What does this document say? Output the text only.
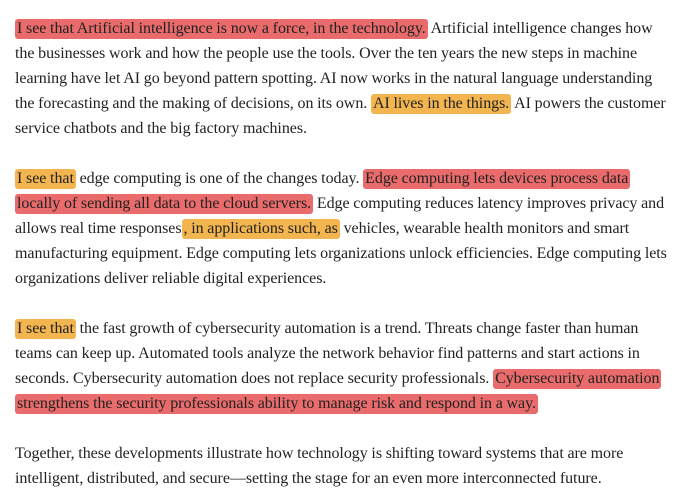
I see that Artificial intelligence is now a force, in the technology. Artificial intelligence changes how the businesses work and how the people use the tools. Over the ten years the new steps in machine learning have let AI go beyond pattern spotting. AI now works in the natural language understanding the forecasting and the making of decisions, on its own. AI lives in the things. AI powers the customer service chatbots and the big factory machines.

I see that edge computing is one of the changes today. Edge computing lets devices process data locally of sending all data to the cloud servers. Edge computing reduces latency improves privacy and allows real time responses , in applications such, as vehicles, wearable health monitors and smart manufacturing equipment. Edge computing lets organizations unlock efficiencies. Edge computing lets organizations deliver reliable digital experiences.

I see that the fast growth of cybersecurity automation is a trend. Threats change faster than human teams can keep up. Automated tools analyze the network behavior find patterns and start actions in seconds. Cybersecurity automation does not replace security professionals. Cybersecurity automation strengthens the security professionals ability to manage risk and respond in a way.

Together, these developments illustrate how technology is shifting toward systems that are more intelligent, distributed, and secure—setting the stage for an even more interconnected future.
